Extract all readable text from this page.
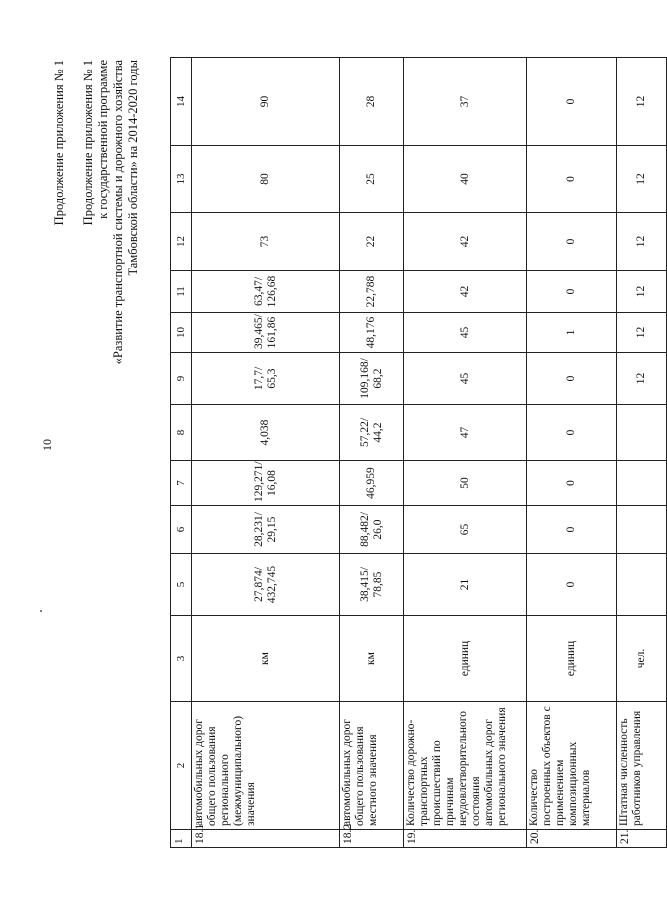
10
Продолжение приложения № 1 Продолжение приложения № 1 к государственной программе «Развитие транспортной системы и дорожного хозяйства Тамбовской области» на 2014-2020 годы
1	2	3	5	6	7	8	9	10	11	12	13	14
18.1	автомобильных дорог общего пользования регионального (межмуниципального) значения	км	27,874/ 432,745	28,231/ 29,15	129,271/ 16,08	4,038	17,7/ 65,3	39,465/ 161,86	63,47/ 126,68	73	80	90
18.2	автомобильных дорог общего пользования местного значения	км	38,415/ 78,85	88,482/ 26,0	46,959	57,22/ 44,2	109,168/ 68,2	48,176	22,788	22	25	28
19.	Количество дорожно-транспортных происшествий по причинам неудовлетворительного состояния автомобильных дорог регионального значения	единиц	21	65	50	47	45	45	42	42	40	37
20.	Количество построенных объектов с применением композиционных материалов	единиц	0	0	0	0	0	1	0	0	0	0
21.	Штатная численность работников управления	чел.					12	12	12	12	12	12
